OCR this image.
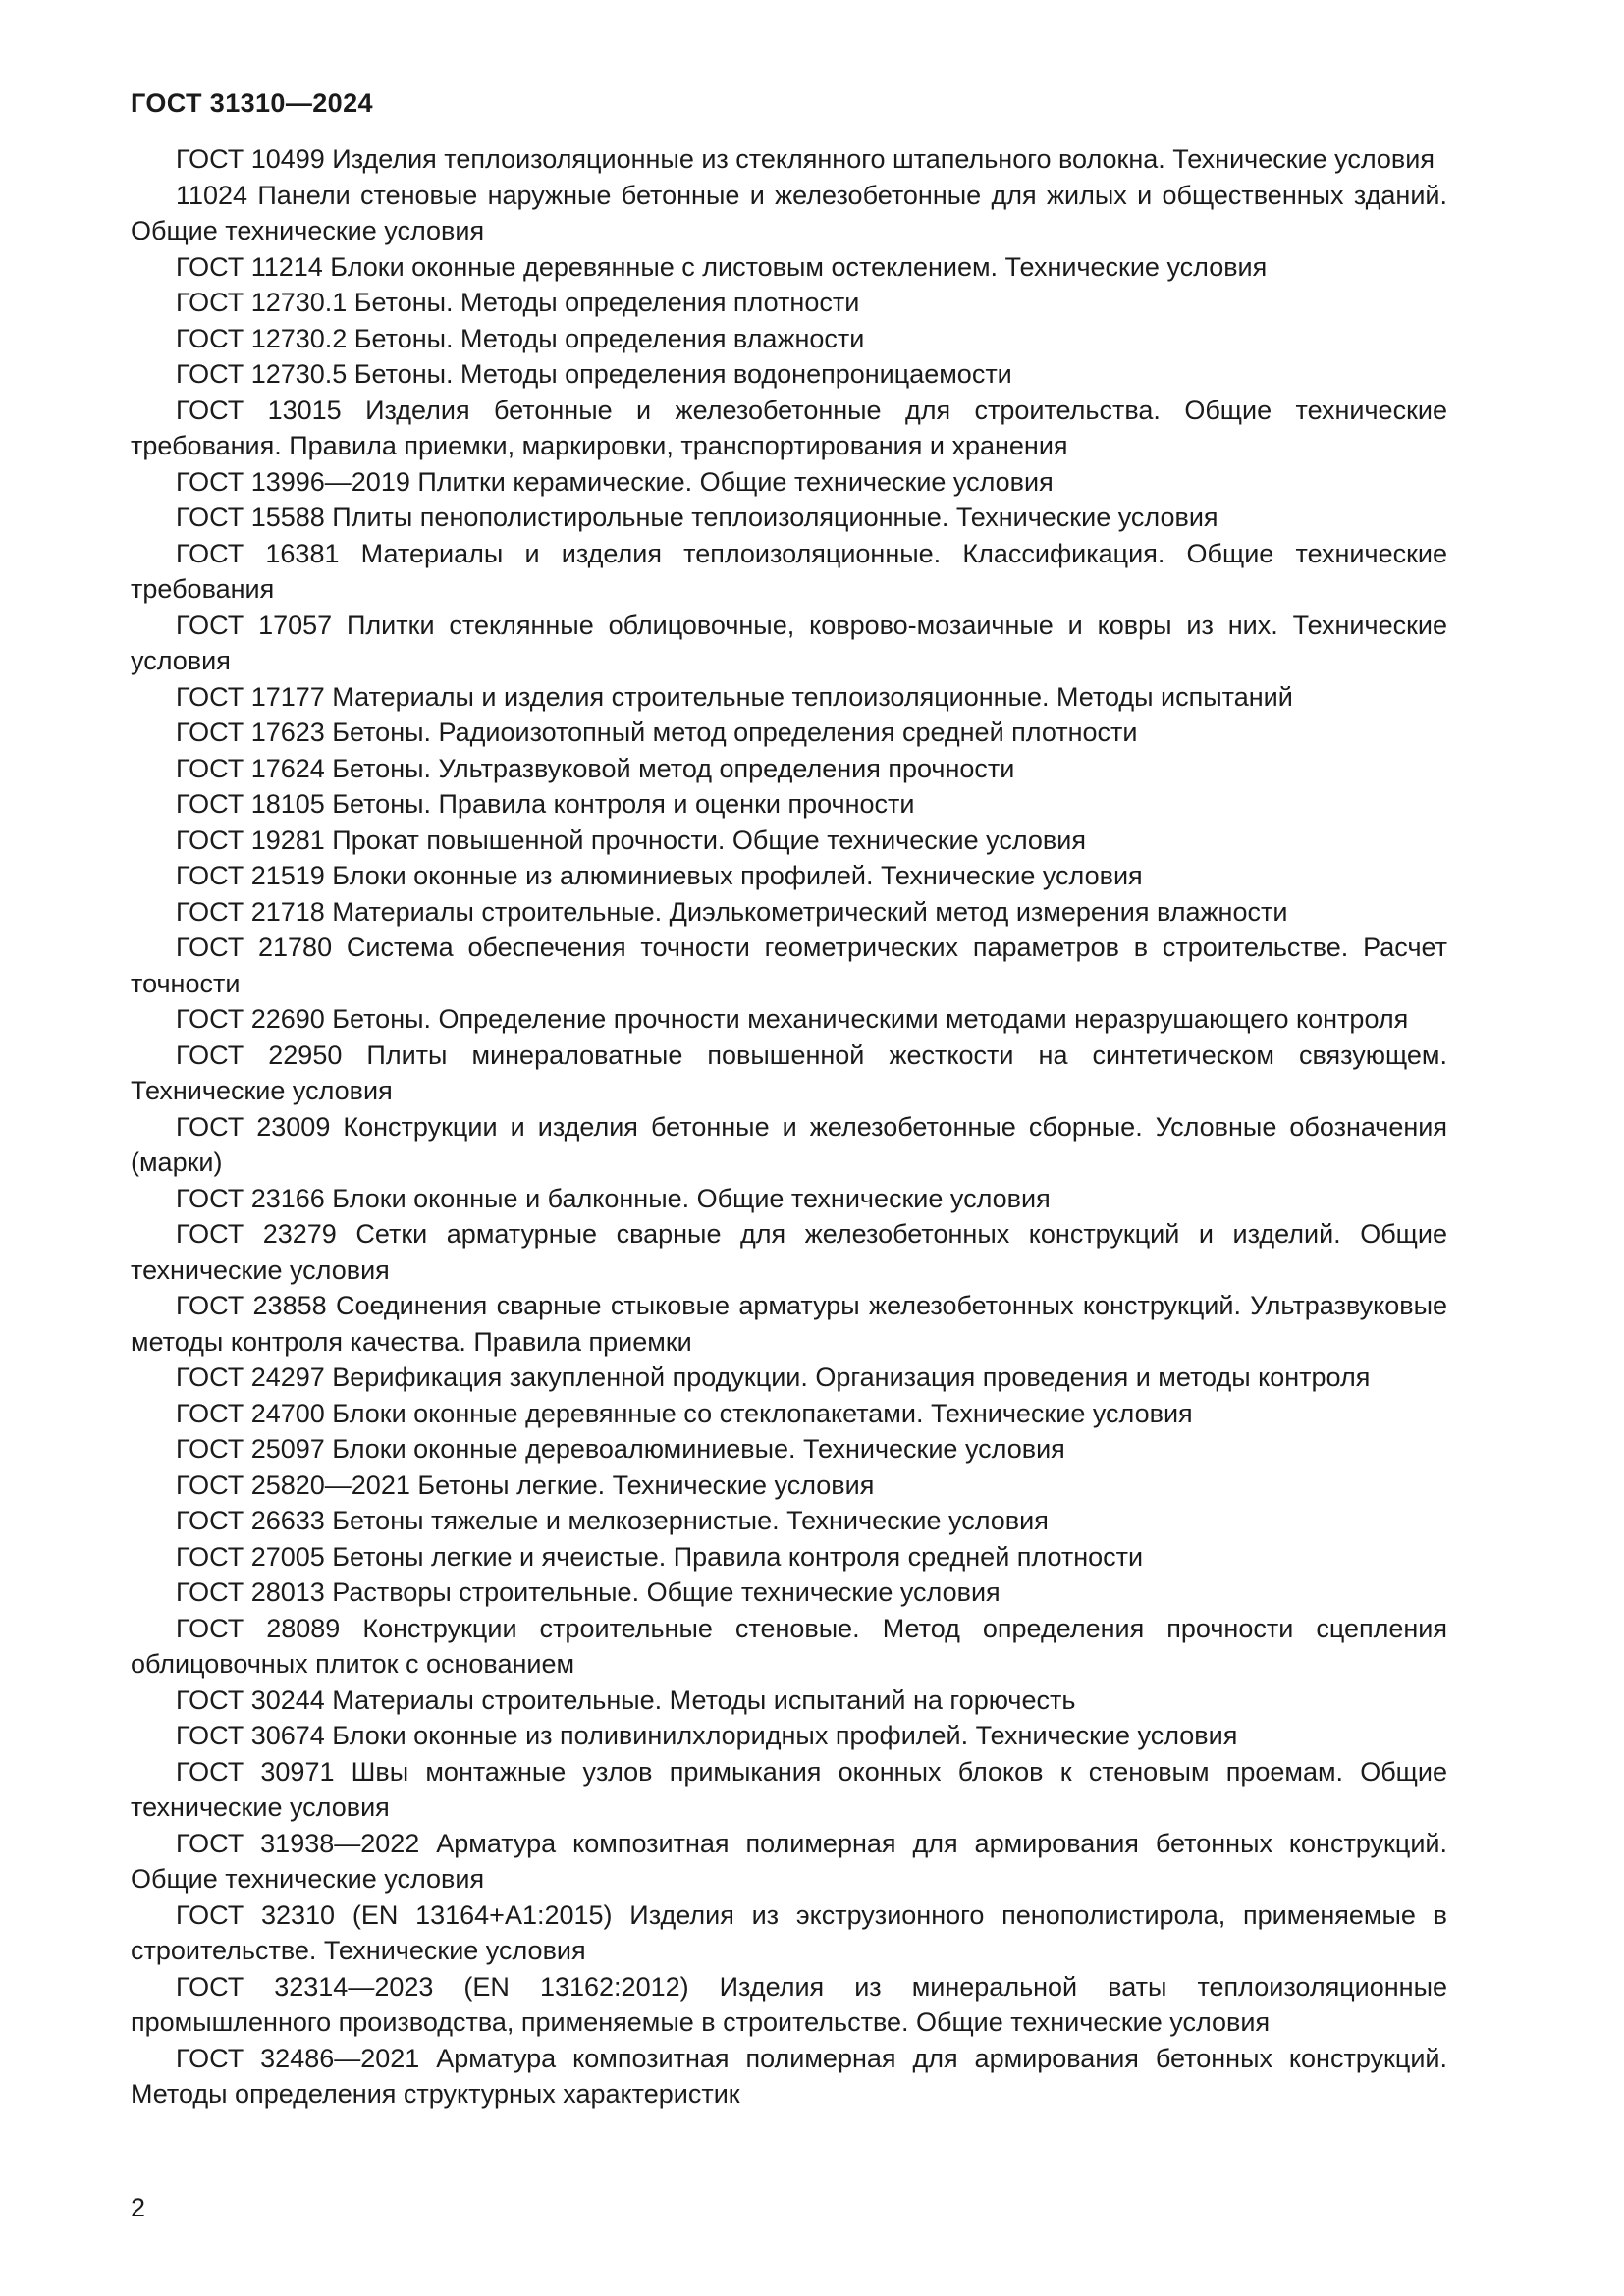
ГОСТ 31310—2024

ГОСТ 10499 Изделия теплоизоляционные из стеклянного штапельного волокна. Технические условия

11024 Панели стеновые наружные бетонные и железобетонные для жилых и общественных зданий. Общие технические условия

ГОСТ 11214 Блоки оконные деревянные с листовым остеклением. Технические условия

ГОСТ 12730.1 Бетоны. Методы определения плотности

ГОСТ 12730.2 Бетоны. Методы определения влажности

ГОСТ 12730.5 Бетоны. Методы определения водонепроницаемости

ГОСТ 13015 Изделия бетонные и железобетонные для строительства. Общие технические требования. Правила приемки, маркировки, транспортирования и хранения

ГОСТ 13996—2019 Плитки керамические. Общие технические условия

ГОСТ 15588 Плиты пенополистирольные теплоизоляционные. Технические условия

ГОСТ 16381 Материалы и изделия теплоизоляционные. Классификация. Общие технические требования

ГОСТ 17057 Плитки стеклянные облицовочные, коврово-мозаичные и ковры из них. Технические условия

ГОСТ 17177 Материалы и изделия строительные теплоизоляционные. Методы испытаний

ГОСТ 17623 Бетоны. Радиоизотопный метод определения средней плотности

ГОСТ 17624 Бетоны. Ультразвуковой метод определения прочности

ГОСТ 18105 Бетоны. Правила контроля и оценки прочности

ГОСТ 19281 Прокат повышенной прочности. Общие технические условия

ГОСТ 21519 Блоки оконные из алюминиевых профилей. Технические условия

ГОСТ 21718 Материалы строительные. Диэлькометрический метод измерения влажности

ГОСТ 21780 Система обеспечения точности геометрических параметров в строительстве. Расчет точности

ГОСТ 22690 Бетоны. Определение прочности механическими методами неразрушающего контроля

ГОСТ 22950 Плиты минераловатные повышенной жесткости на синтетическом связующем. Технические условия

ГОСТ 23009 Конструкции и изделия бетонные и железобетонные сборные. Условные обозначения (марки)

ГОСТ 23166 Блоки оконные и балконные. Общие технические условия

ГОСТ 23279 Сетки арматурные сварные для железобетонных конструкций и изделий. Общие технические условия

ГОСТ 23858 Соединения сварные стыковые арматуры железобетонных конструкций. Ультразвуковые методы контроля качества. Правила приемки

ГОСТ 24297 Верификация закупленной продукции. Организация проведения и методы контроля

ГОСТ 24700 Блоки оконные деревянные со стеклопакетами. Технические условия

ГОСТ 25097 Блоки оконные деревоалюминиевые. Технические условия

ГОСТ 25820—2021 Бетоны легкие. Технические условия

ГОСТ 26633 Бетоны тяжелые и мелкозернистые. Технические условия

ГОСТ 27005 Бетоны легкие и ячеистые. Правила контроля средней плотности

ГОСТ 28013 Растворы строительные. Общие технические условия

ГОСТ 28089 Конструкции строительные стеновые. Метод определения прочности сцепления облицовочных плиток с основанием

ГОСТ 30244 Материалы строительные. Методы испытаний на горючесть

ГОСТ 30674 Блоки оконные из поливинилхлоридных профилей. Технические условия

ГОСТ 30971 Швы монтажные узлов примыкания оконных блоков к стеновым проемам. Общие технические условия

ГОСТ 31938—2022 Арматура композитная полимерная для армирования бетонных конструкций. Общие технические условия

ГОСТ 32310 (EN 13164+A1:2015) Изделия из экструзионного пенополистирола, применяемые в строительстве. Технические условия

ГОСТ 32314—2023 (EN 13162:2012) Изделия из минеральной ваты теплоизоляционные промышленного производства, применяемые в строительстве. Общие технические условия

ГОСТ 32486—2021 Арматура композитная полимерная для армирования бетонных конструкций. Методы определения структурных характеристик

2
